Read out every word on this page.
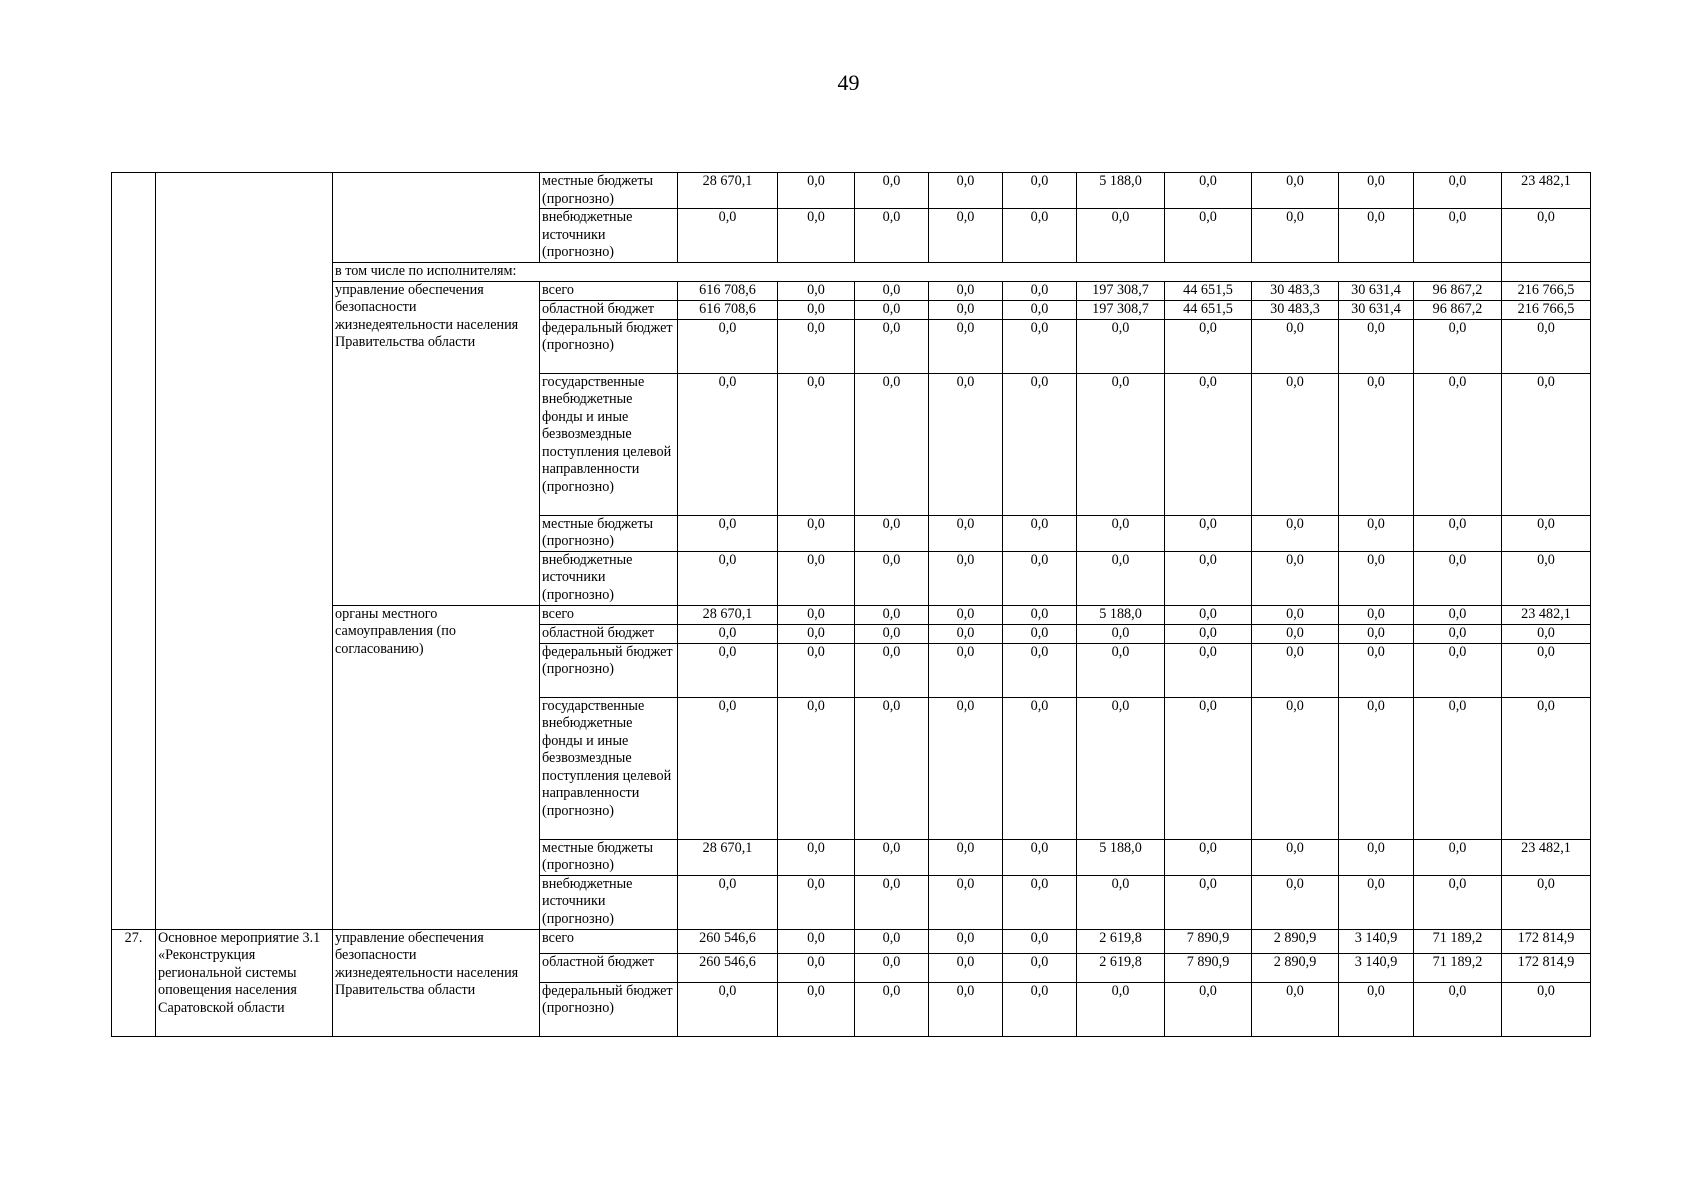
49
			местные бюджеты (прогнозно)	28 670,1	0,0	0,0	0,0	0,0	5 188,0	0,0	0,0	0,0	0,0	23 482,1
			внебюджетные источники (прогнозно)	0,0	0,0	0,0	0,0	0,0	0,0	0,0	0,0	0,0	0,0	0,0
		в том числе по исполнителям:												
		управление обеспечения безопасности жизнедеятельности населения Правительства области	всего	616 708,6	0,0	0,0	0,0	0,0	197 308,7	44 651,5	30 483,3	30 631,4	96 867,2	216 766,5
			областной бюджет	616 708,6	0,0	0,0	0,0	0,0	197 308,7	44 651,5	30 483,3	30 631,4	96 867,2	216 766,5
			федеральный бюджет (прогнозно)	0,0	0,0	0,0	0,0	0,0	0,0	0,0	0,0	0,0	0,0	0,0
			государственные внебюджетные фонды и иные безвозмездные поступления целевой направленности (прогнозно)	0,0	0,0	0,0	0,0	0,0	0,0	0,0	0,0	0,0	0,0	0,0
			местные бюджеты (прогнозно)	0,0	0,0	0,0	0,0	0,0	0,0	0,0	0,0	0,0	0,0	0,0
			внебюджетные источники (прогнозно)	0,0	0,0	0,0	0,0	0,0	0,0	0,0	0,0	0,0	0,0	0,0
		органы местного самоуправления (по согласованию)	всего	28 670,1	0,0	0,0	0,0	0,0	5 188,0	0,0	0,0	0,0	0,0	23 482,1
			областной бюджет	0,0	0,0	0,0	0,0	0,0	0,0	0,0	0,0	0,0	0,0	0,0
			федеральный бюджет (прогнозно)	0,0	0,0	0,0	0,0	0,0	0,0	0,0	0,0	0,0	0,0	0,0
			государственные внебюджетные фонды и иные безвозмездные поступления целевой направленности (прогнозно)	0,0	0,0	0,0	0,0	0,0	0,0	0,0	0,0	0,0	0,0	0,0
			местные бюджеты (прогнозно)	28 670,1	0,0	0,0	0,0	0,0	5 188,0	0,0	0,0	0,0	0,0	23 482,1
			внебюджетные источники (прогнозно)	0,0	0,0	0,0	0,0	0,0	0,0	0,0	0,0	0,0	0,0	0,0
27.	Основное мероприятие 3.1 «Реконструкция региональной системы оповещения населения Саратовской области	управление обеспечения безопасности жизнедеятельности населения Правительства области	всего	260 546,6	0,0	0,0	0,0	0,0	2 619,8	7 890,9	2 890,9	3 140,9	71 189,2	172 814,9
			областной бюджет	260 546,6	0,0	0,0	0,0	0,0	2 619,8	7 890,9	2 890,9	3 140,9	71 189,2	172 814,9
			федеральный бюджет (прогнозно)	0,0	0,0	0,0	0,0	0,0	0,0	0,0	0,0	0,0	0,0	0,0
